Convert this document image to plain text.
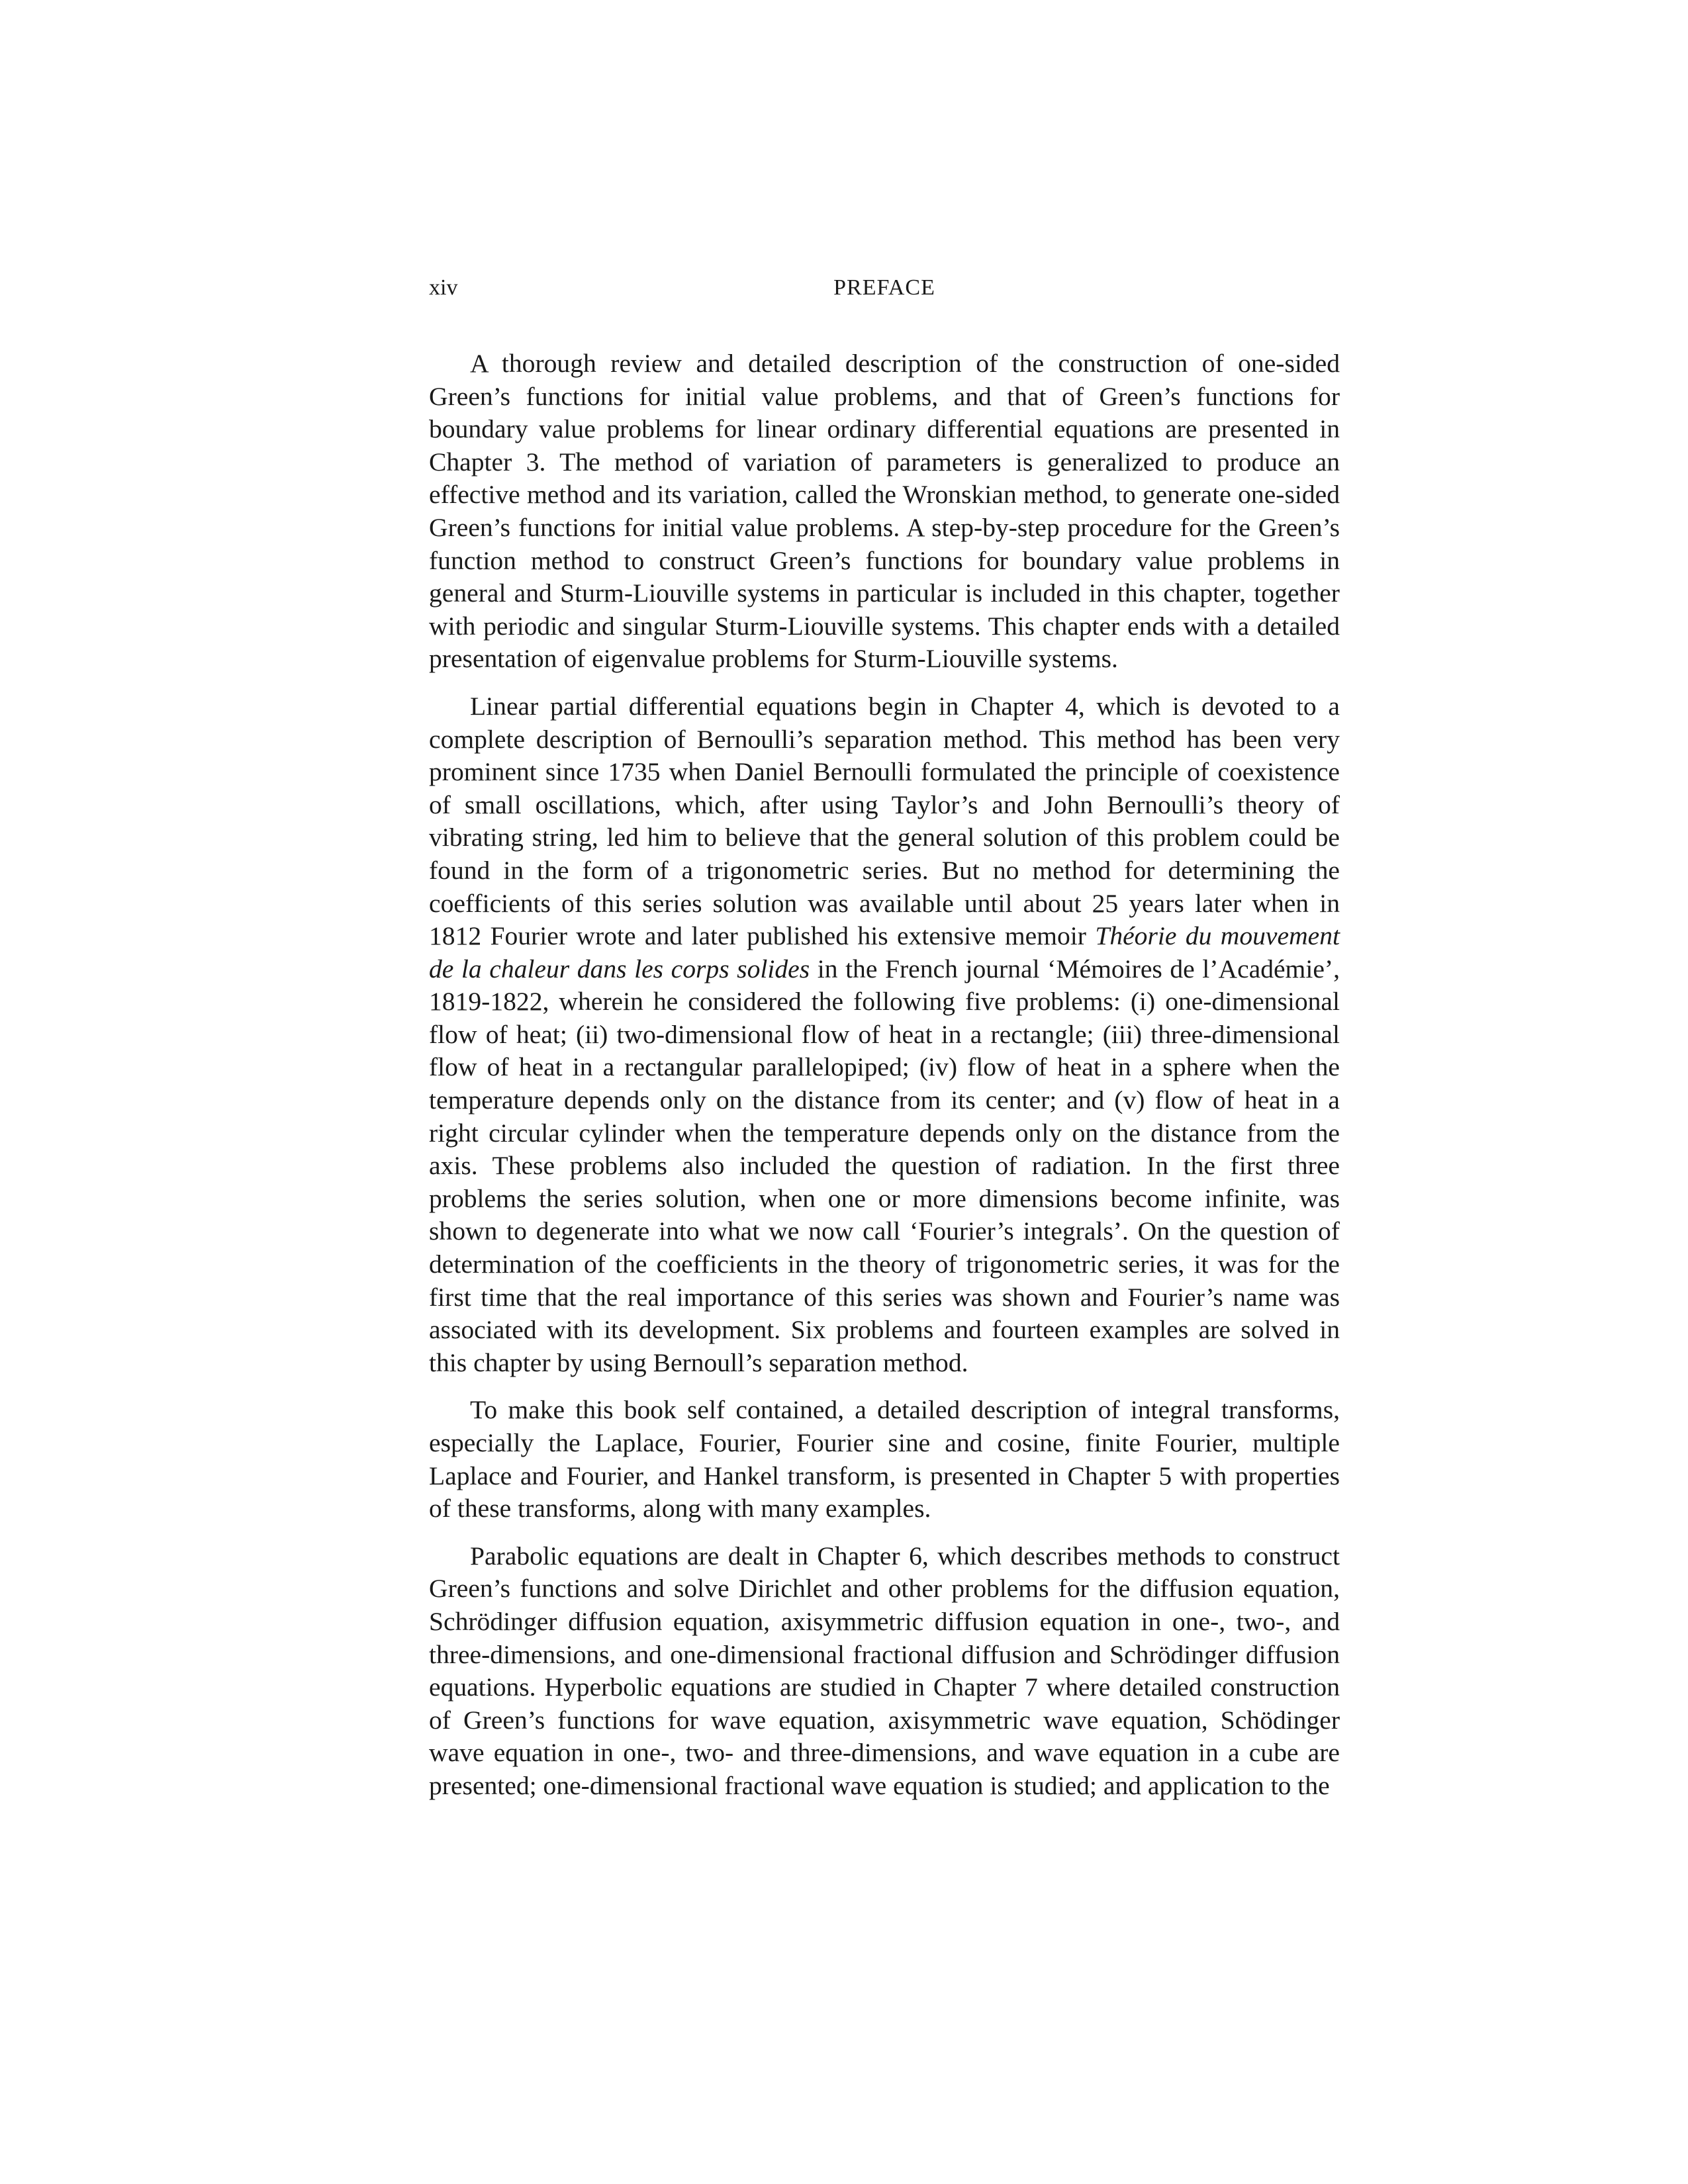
xiv	PREFACE

A thorough review and detailed description of the construction of one-sided Green’s functions for initial value problems, and that of Green’s functions for boundary value problems for linear ordinary differential equations are presented in Chapter 3. The method of variation of parameters is generalized to produce an effective method and its variation, called the Wronskian method, to generate one-sided Green’s functions for initial value problems. A step-by-step procedure for the Green’s function method to construct Green’s functions for boundary value problems in general and Sturm-Liouville systems in particular is included in this chapter, together with periodic and singular Sturm-Liouville systems. This chapter ends with a detailed presentation of eigenvalue problems for Sturm-Liouville systems.

Linear partial differential equations begin in Chapter 4, which is devoted to a complete description of Bernoulli’s separation method. This method has been very prominent since 1735 when Daniel Bernoulli formulated the principle of coexistence of small oscillations, which, after using Taylor’s and John Bernoulli’s theory of vibrating string, led him to believe that the general solution of this problem could be found in the form of a trigonometric series. But no method for determining the coefficients of this series solution was available until about 25 years later when in 1812 Fourier wrote and later published his extensive memoir Théorie du mouvement de la chaleur dans les corps solides in the French journal ‘Mémoires de l’Académie’, 1819-1822, wherein he considered the following five problems: (i) one-dimensional flow of heat; (ii) two-dimensional flow of heat in a rectangle; (iii) three-dimensional flow of heat in a rectangular parallelopiped; (iv) flow of heat in a sphere when the temperature depends only on the distance from its center; and (v) flow of heat in a right circular cylinder when the temperature depends only on the distance from the axis. These problems also included the question of radiation. In the first three problems the series solution, when one or more dimensions become infinite, was shown to degenerate into what we now call ‘Fourier’s integrals’. On the question of determination of the coefficients in the theory of trigonometric series, it was for the first time that the real importance of this series was shown and Fourier’s name was associated with its development. Six problems and fourteen examples are solved in this chapter by using Bernoull’s separation method.

To make this book self contained, a detailed description of integral transforms, especially the Laplace, Fourier, Fourier sine and cosine, finite Fourier, multiple Laplace and Fourier, and Hankel transform, is presented in Chapter 5 with properties of these transforms, along with many examples.

Parabolic equations are dealt in Chapter 6, which describes methods to construct Green’s functions and solve Dirichlet and other problems for the diffusion equation, Schrödinger diffusion equation, axisymmetric diffusion equation in one-, two-, and three-dimensions, and one-dimensional fractional diffusion and Schrödinger diffusion equations. Hyperbolic equations are studied in Chapter 7 where detailed construction of Green’s functions for wave equation, axisymmetric wave equation, Schödinger wave equation in one-, two- and three-dimensions, and wave equation in a cube are presented; one-dimensional fractional wave equation is studied; and application to the
